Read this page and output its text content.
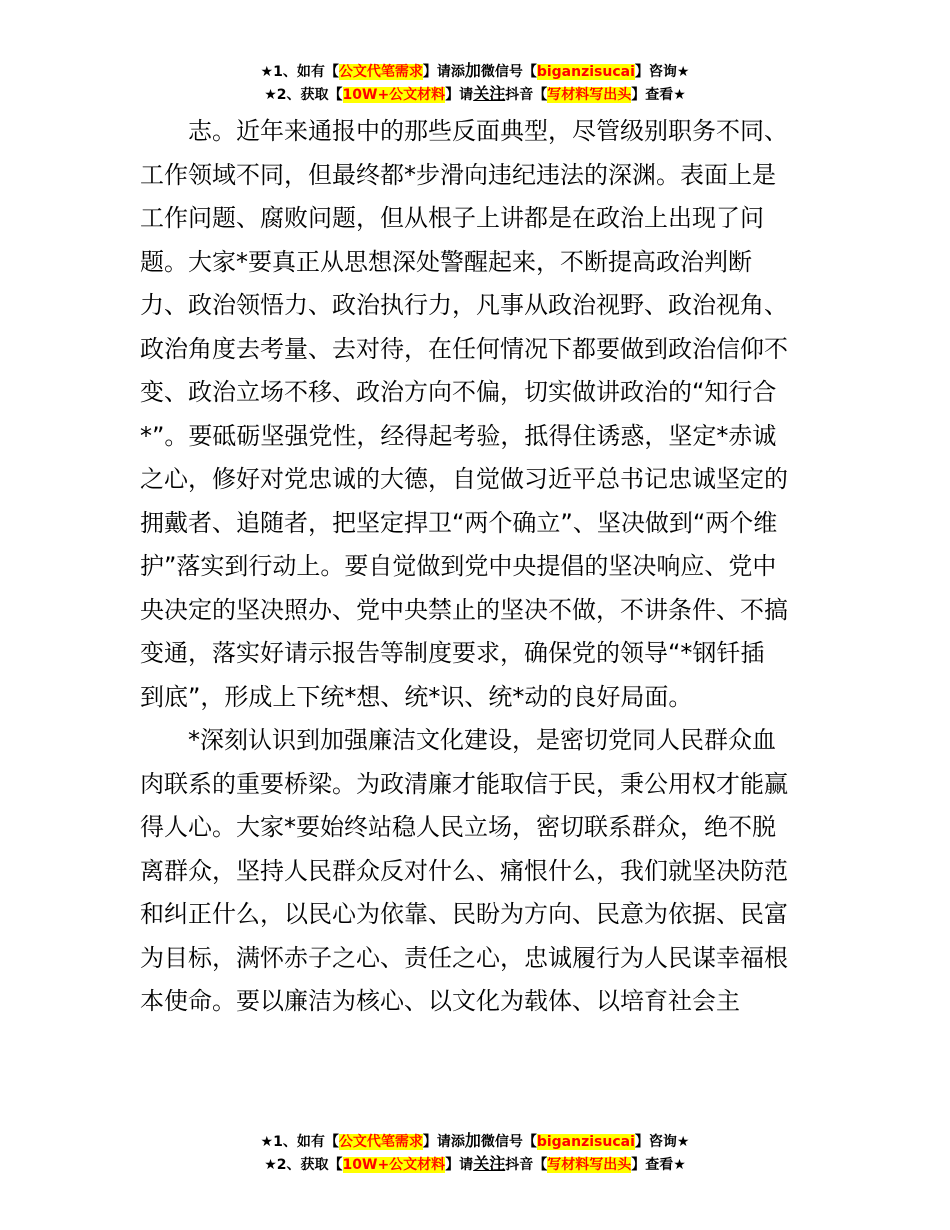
★1、如有【公文代笔需求】请添加微信号【biganzisucai】咨询★
★2、获取【10W+公文材料】请关注抖音【写材料写出头】查看★

志。近年来通报中的那些反面典型，尽管级别职务不同、
工作领域不同，但最终都*步滑向违纪违法的深渊。表面上是
工作问题、腐败问题，但从根子上讲都是在政治上出现了问
题。大家*要真正从思想深处警醒起来，不断提高政治判断
力、政治领悟力、政治执行力，凡事从政治视野、政治视角、
政治角度去考量、去对待，在任何情况下都要做到政治信仰不
变、政治立场不移、政治方向不偏，切实做讲政治的“知行合
*”。要砥砺坚强党性，经得起考验，抵得住诱惑，坚定*赤诚
之心，修好对党忠诚的大德，自觉做习近平总书记忠诚坚定的
拥戴者、追随者，把坚定捍卫“两个确立”、坚决做到“两个维
护”落实到行动上。要自觉做到党中央提倡的坚决响应、党中
央决定的坚决照办、党中央禁止的坚决不做，不讲条件、不搞
变通，落实好请示报告等制度要求，确保党的领导“*钢钎插
到底”，形成上下统*想、统*识、统*动的良好局面。

*深刻认识到加强廉洁文化建设，是密切党同人民群众血
肉联系的重要桥梁。为政清廉才能取信于民，秉公用权才能赢
得人心。大家*要始终站稳人民立场，密切联系群众，绝不脱
离群众，坚持人民群众反对什么、痛恨什么，我们就坚决防范
和纠正什么，以民心为依靠、民盼为方向、民意为依据、民富
为目标，满怀赤子之心、责任之心，忠诚履行为人民谋幸福根
本使命。要以廉洁为核心、以文化为载体、以培育社会主

★1、如有【公文代笔需求】请添加微信号【biganzisucai】咨询★
★2、获取【10W+公文材料】请关注抖音【写材料写出头】查看★
